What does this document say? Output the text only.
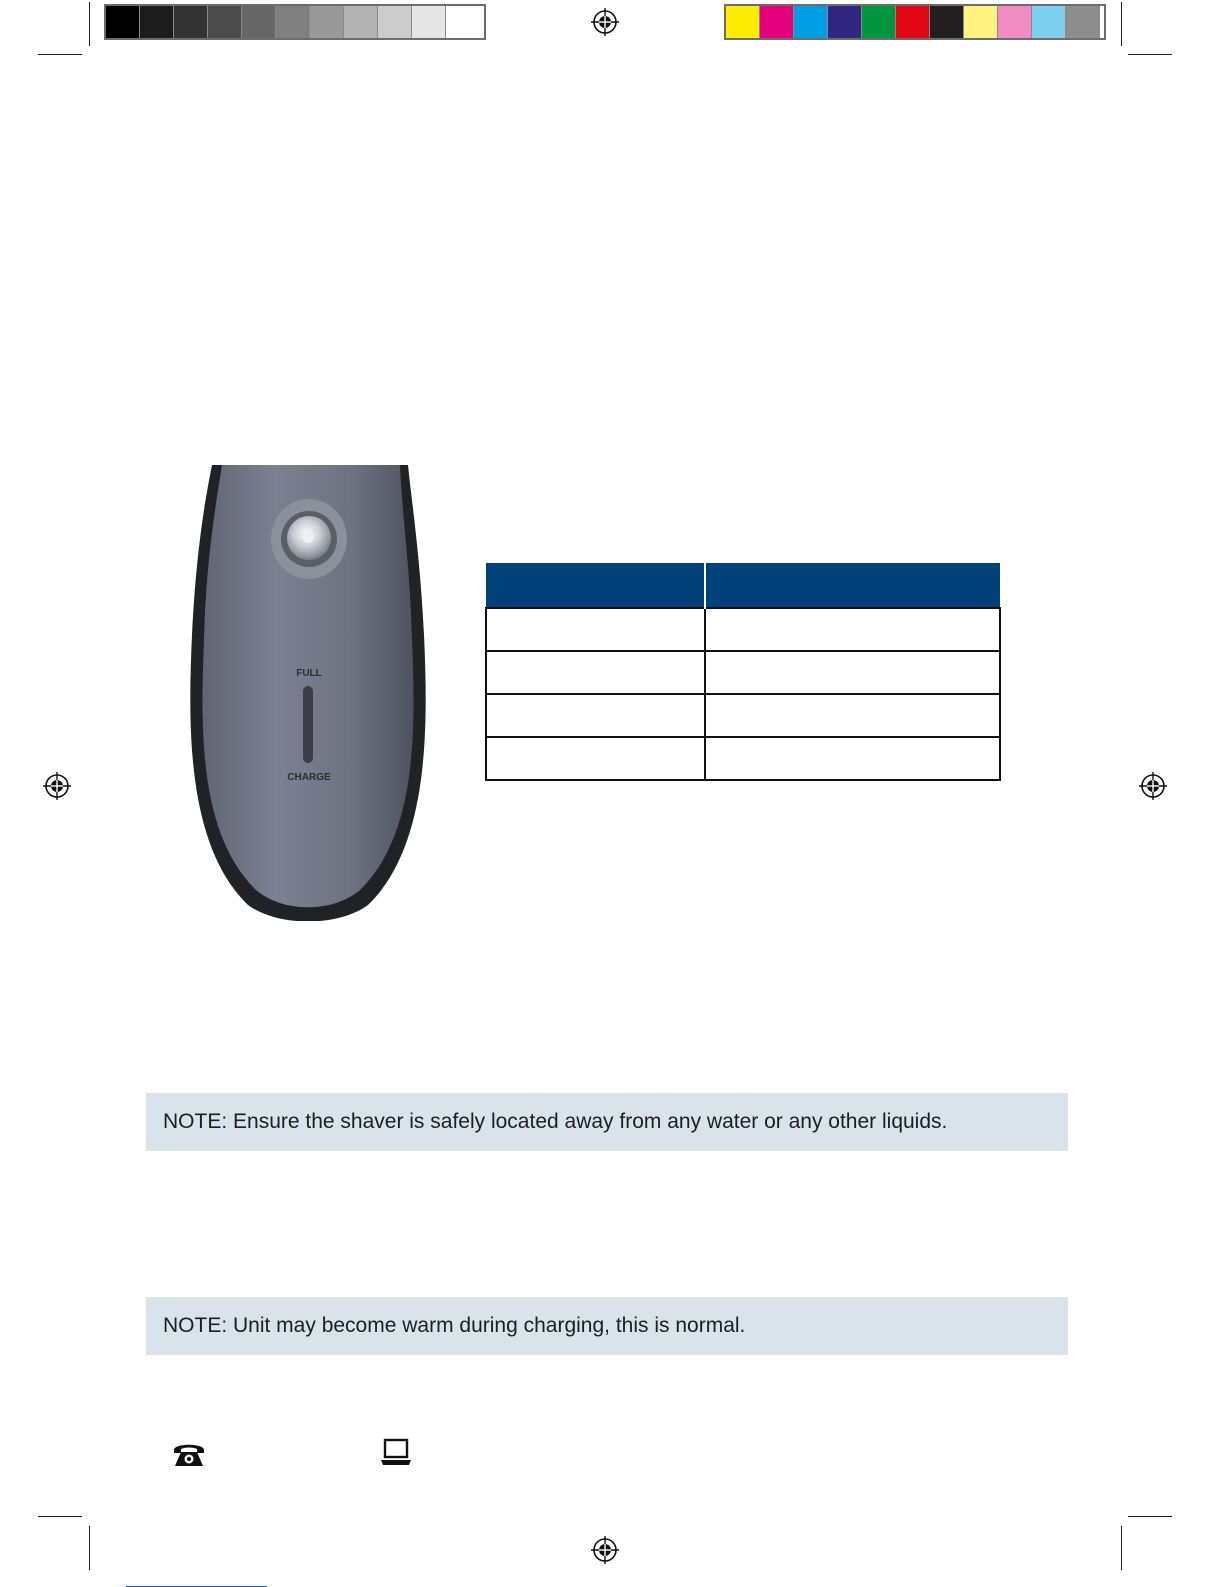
FULL
CHARGE

NOTE: Ensure the shaver is safely located away from any water or any other liquids.
NOTE: Unit may become warm during charging, this is normal.
